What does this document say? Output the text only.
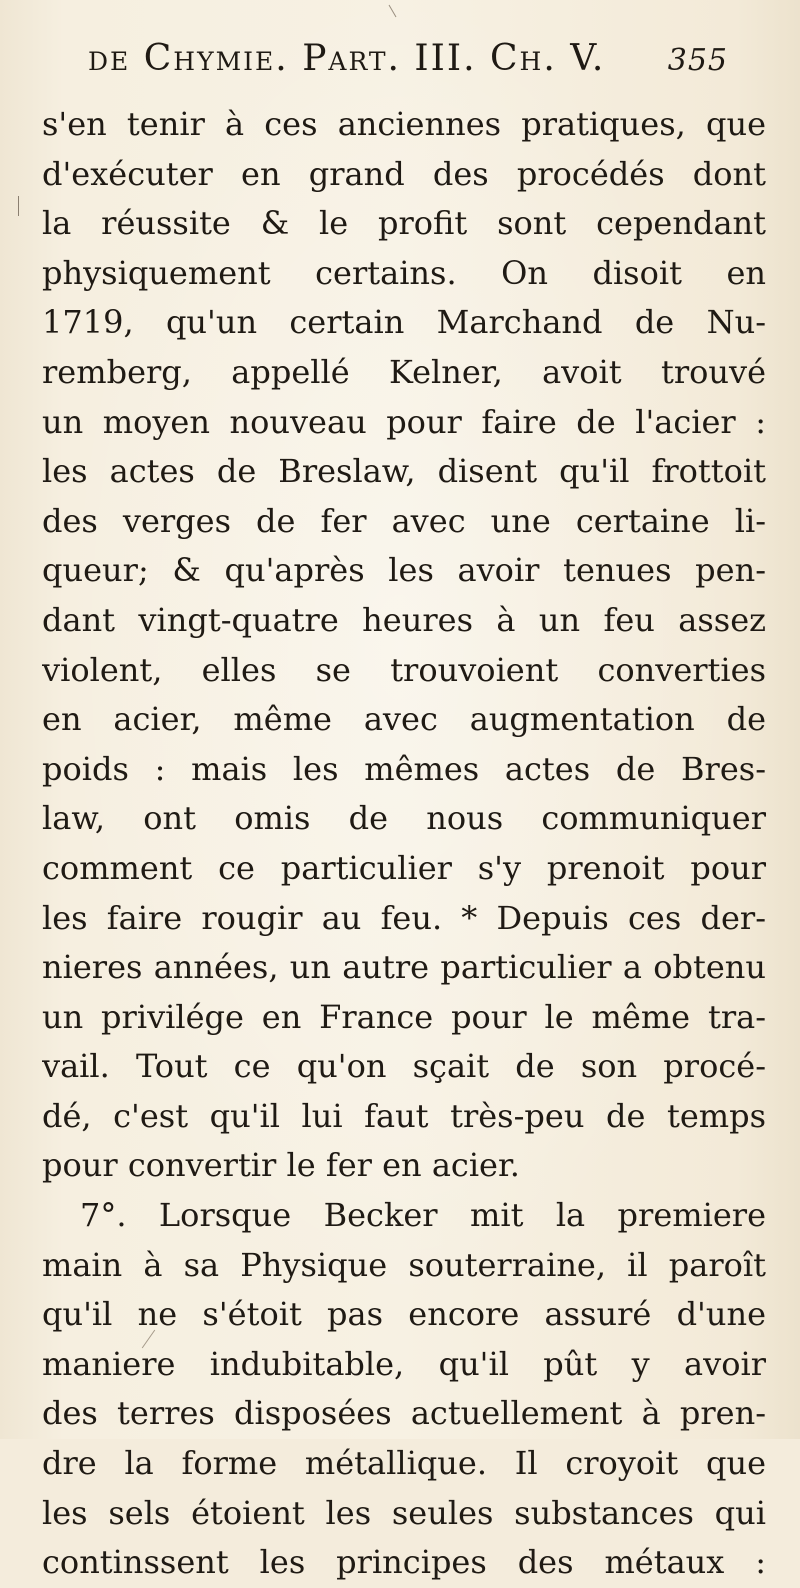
de Chymie. Part. III. Ch. V. 355
s'en tenir à ces anciennes pratiques, que
d'exécuter en grand des procédés dont
la réussite & le profit sont cependant
physiquement certains. On disoit en
1719, qu'un certain Marchand de Nu-
remberg, appellé Kelner, avoit trouvé
un moyen nouveau pour faire de l'acier :
les actes de Breslaw, disent qu'il frottoit
des verges de fer avec une certaine li-
queur; & qu'après les avoir tenues pen-
dant vingt-quatre heures à un feu assez
violent, elles se trouvoient converties
en acier, même avec augmentation de
poids : mais les mêmes actes de Bres-
law, ont omis de nous communiquer
comment ce particulier s'y prenoit pour
les faire rougir au feu. * Depuis ces der-
nieres années, un autre particulier a obtenu
un privilége en France pour le même tra-
vail. Tout ce qu'on sçait de son procé-
dé, c'est qu'il lui faut très-peu de temps
pour convertir le fer en acier.
7°. Lorsque Becker mit la premiere
main à sa Physique souterraine, il paroît
qu'il ne s'étoit pas encore assuré d'une
maniere indubitable, qu'il pût y avoir
des terres disposées actuellement à pren-
dre la forme métallique. Il croyoit que
les sels étoient les seules substances qui
continssent les principes des métaux :
